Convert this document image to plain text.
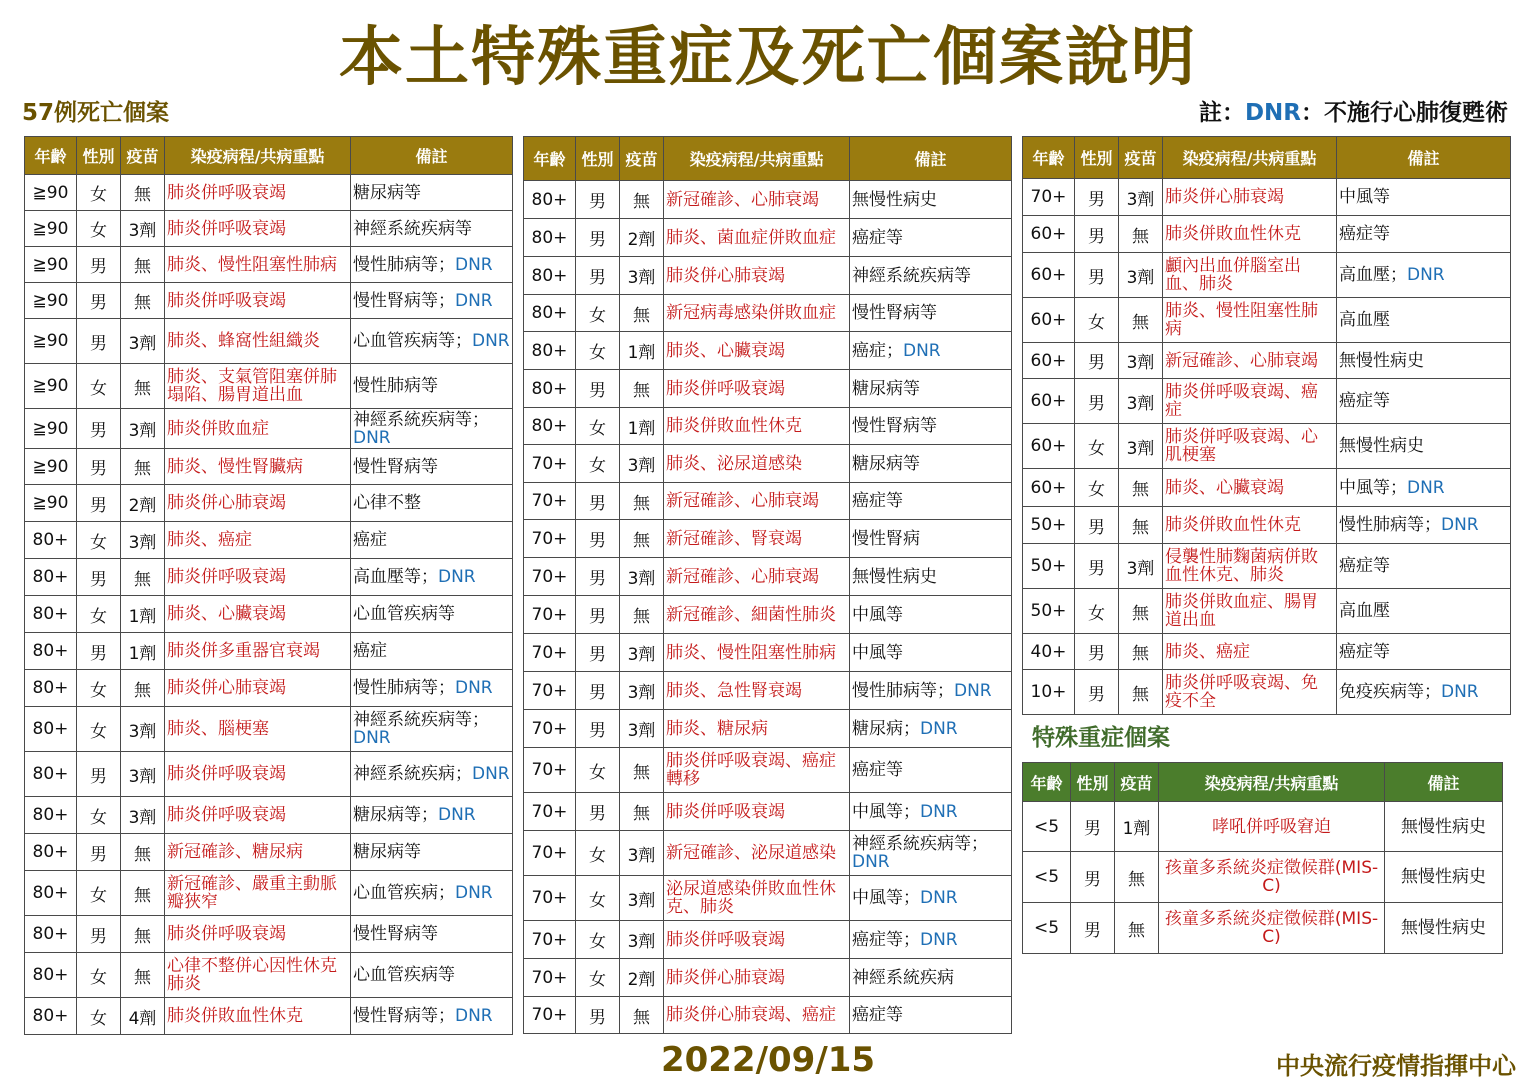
本土特殊重症及死亡個案說明
57例死亡個案	註：DNR：不施行心肺復甦術
年齡	性別	疫苗	染疫病程/共病重點	備註
≧90	女	無	肺炎併呼吸衰竭	糖尿病等
≧90	女	3劑	肺炎併呼吸衰竭	神經系統疾病等
≧90	男	無	肺炎、慢性阻塞性肺病	慢性肺病等；DNR
≧90	男	無	肺炎併呼吸衰竭	慢性腎病等；DNR
≧90	男	3劑	肺炎、蜂窩性組織炎	心血管疾病等；DNR
≧90	女	無	肺炎、支氣管阻塞併肺塌陷、腸胃道出血	慢性肺病等
≧90	男	3劑	肺炎併敗血症	神經系統疾病等；DNR
≧90	男	無	肺炎、慢性腎臟病	慢性腎病等
≧90	男	2劑	肺炎併心肺衰竭	心律不整
80+	女	3劑	肺炎、癌症	癌症
80+	男	無	肺炎併呼吸衰竭	高血壓等；DNR
80+	女	1劑	肺炎、心臟衰竭	心血管疾病等
80+	男	1劑	肺炎併多重器官衰竭	癌症
80+	女	無	肺炎併心肺衰竭	慢性肺病等；DNR
80+	女	3劑	肺炎、腦梗塞	神經系統疾病等；DNR
80+	男	3劑	肺炎併呼吸衰竭	神經系統疾病；DNR
80+	女	3劑	肺炎併呼吸衰竭	糖尿病等；DNR
80+	男	無	新冠確診、糖尿病	糖尿病等
80+	女	無	新冠確診、嚴重主動脈瓣狹窄	心血管疾病；DNR
80+	男	無	肺炎併呼吸衰竭	慢性腎病等
80+	女	無	心律不整併心因性休克肺炎	心血管疾病等
80+	女	4劑	肺炎併敗血性休克	慢性腎病等；DNR
年齡	性別	疫苗	染疫病程/共病重點	備註
80+	男	無	新冠確診、心肺衰竭	無慢性病史
80+	男	2劑	肺炎、菌血症併敗血症	癌症等
80+	男	3劑	肺炎併心肺衰竭	神經系統疾病等
80+	女	無	新冠病毒感染併敗血症	慢性腎病等
80+	女	1劑	肺炎、心臟衰竭	癌症；DNR
80+	男	無	肺炎併呼吸衰竭	糖尿病等
80+	女	1劑	肺炎併敗血性休克	慢性腎病等
70+	女	3劑	肺炎、泌尿道感染	糖尿病等
70+	男	無	新冠確診、心肺衰竭	癌症等
70+	男	無	新冠確診、腎衰竭	慢性腎病
70+	男	3劑	新冠確診、心肺衰竭	無慢性病史
70+	男	無	新冠確診、細菌性肺炎	中風等
70+	男	3劑	肺炎、慢性阻塞性肺病	中風等
70+	男	3劑	肺炎、急性腎衰竭	慢性肺病等；DNR
70+	男	3劑	肺炎、糖尿病	糖尿病；DNR
70+	女	無	肺炎併呼吸衰竭、癌症轉移	癌症等
70+	男	無	肺炎併呼吸衰竭	中風等；DNR
70+	女	3劑	新冠確診、泌尿道感染	神經系統疾病等；DNR
70+	女	3劑	泌尿道感染併敗血性休克、肺炎	中風等；DNR
70+	女	3劑	肺炎併呼吸衰竭	癌症等；DNR
70+	女	2劑	肺炎併心肺衰竭	神經系統疾病
70+	男	無	肺炎併心肺衰竭、癌症	癌症等
年齡	性別	疫苗	染疫病程/共病重點	備註
70+	男	3劑	肺炎併心肺衰竭	中風等
60+	男	無	肺炎併敗血性休克	癌症等
60+	男	3劑	顱內出血併腦室出血、肺炎	高血壓；DNR
60+	女	無	肺炎、慢性阻塞性肺病	高血壓
60+	男	3劑	新冠確診、心肺衰竭	無慢性病史
60+	男	3劑	肺炎併呼吸衰竭、癌症	癌症等
60+	女	3劑	肺炎併呼吸衰竭、心肌梗塞	無慢性病史
60+	女	無	肺炎、心臟衰竭	中風等；DNR
50+	男	無	肺炎併敗血性休克	慢性肺病等；DNR
50+	男	3劑	侵襲性肺麴菌病併敗血性休克、肺炎	癌症等
50+	女	無	肺炎併敗血症、腸胃道出血	高血壓
40+	男	無	肺炎、癌症	癌症等
10+	男	無	肺炎併呼吸衰竭、免疫不全	免疫疾病等；DNR
特殊重症個案
年齡	性別	疫苗	染疫病程/共病重點	備註
<5	男	1劑	哮吼併呼吸窘迫	無慢性病史
<5	男	無	孩童多系統炎症徵候群(MIS-C)	無慢性病史
<5	男	無	孩童多系統炎症徵候群(MIS-C)	無慢性病史
2022/09/15	中央流行疫情指揮中心
